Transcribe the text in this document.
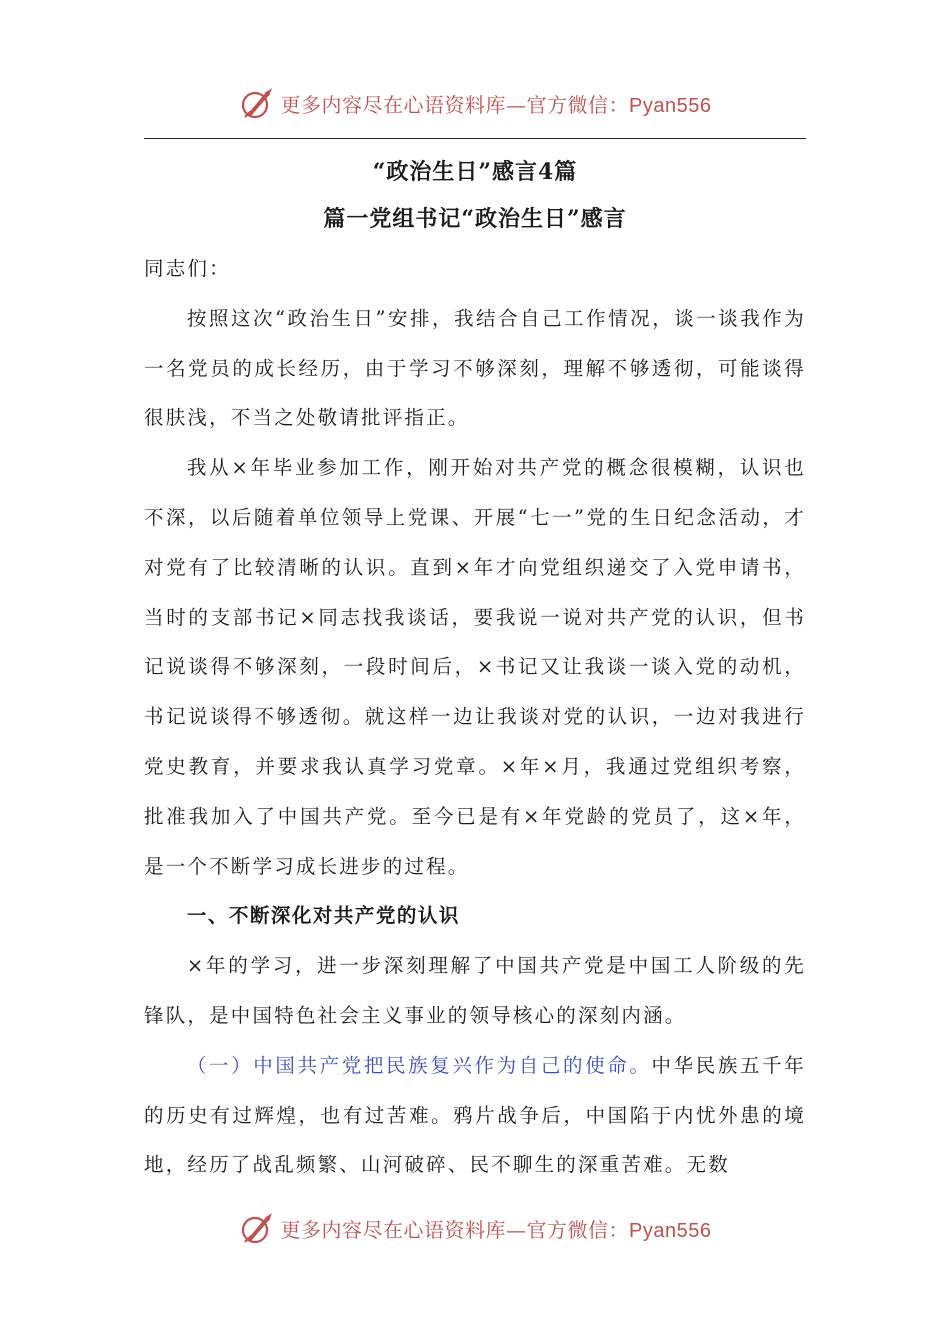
更多内容尽在心语资料库—官方微信：Pyan556
“政治生日”感言4篇
篇一党组书记“政治生日”感言

同志们：

按照这次“政治生日”安排，我结合自己工作情况，谈一谈我作为一名党员的成长经历，由于学习不够深刻，理解不够透彻，可能谈得很肤浅，不当之处敬请批评指正。

我从×年毕业参加工作，刚开始对共产党的概念很模糊，认识也不深，以后随着单位领导上党课、开展“七一”党的生日纪念活动，才对党有了比较清晰的认识。直到×年才向党组织递交了入党申请书，当时的支部书记×同志找我谈话，要我说一说对共产党的认识，但书记说谈得不够深刻，一段时间后，×书记又让我谈一谈入党的动机，书记说谈得不够透彻。就这样一边让我谈对党的认识，一边对我进行党史教育，并要求我认真学习党章。×年×月，我通过党组织考察，批准我加入了中国共产党。至今已是有×年党龄的党员了，这×年，是一个不断学习成长进步的过程。

一、不断深化对共产党的认识

×年的学习，进一步深刻理解了中国共产党是中国工人阶级的先锋队，是中国特色社会主义事业的领导核心的深刻内涵。

（一）中国共产党把民族复兴作为自己的使命。中华民族五千年的历史有过辉煌，也有过苦难。鸦片战争后，中国陷于内忧外患的境地，经历了战乱频繁、山河破碎、民不聊生的深重苦难。无数

更多内容尽在心语资料库—官方微信：Pyan556
